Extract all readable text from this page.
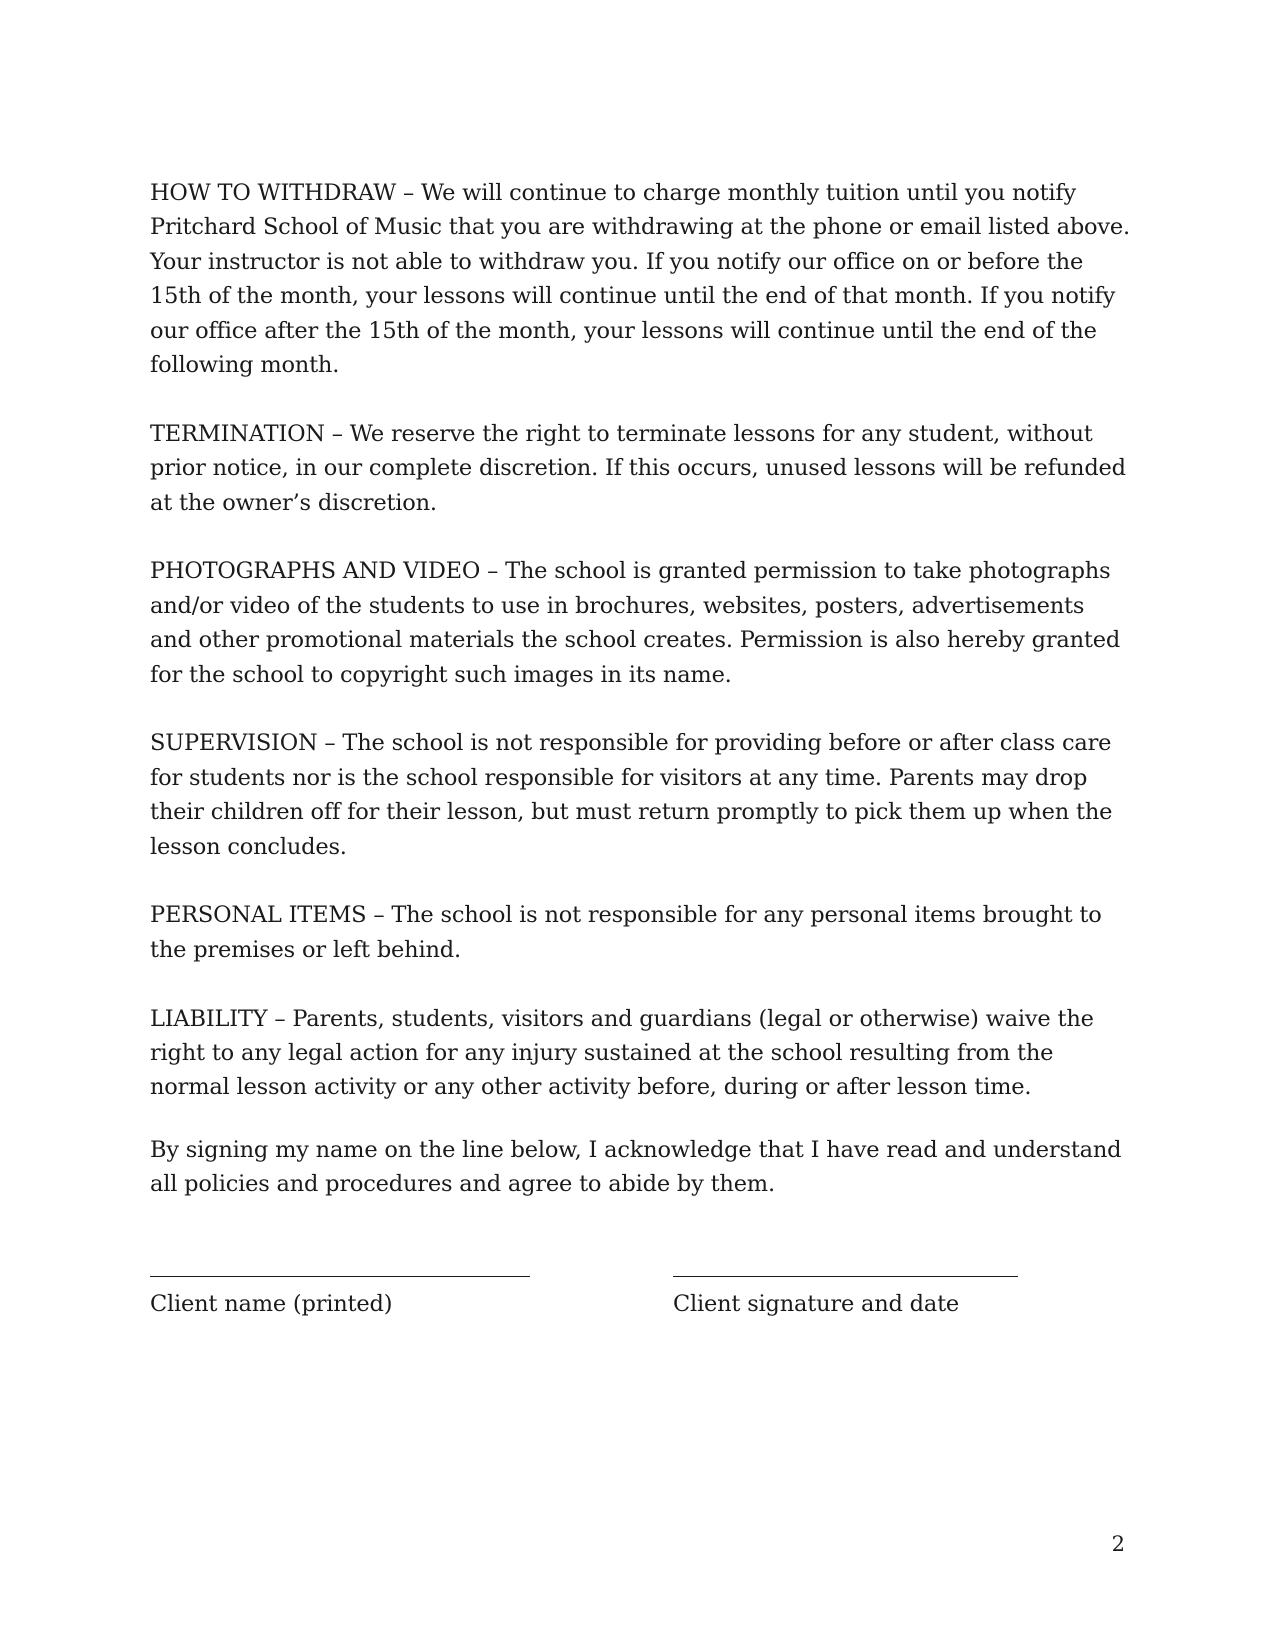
HOW TO WITHDRAW – We will continue to charge monthly tuition until you notify Pritchard School of Music that you are withdrawing at the phone or email listed above. Your instructor is not able to withdraw you. If you notify our office on or before the 15th of the month, your lessons will continue until the end of that month. If you notify our office after the 15th of the month, your lessons will continue until the end of the following month.

TERMINATION – We reserve the right to terminate lessons for any student, without prior notice, in our complete discretion. If this occurs, unused lessons will be refunded at the owner’s discretion.

PHOTOGRAPHS AND VIDEO – The school is granted permission to take photographs and/or video of the students to use in brochures, websites, posters, advertisements and other promotional materials the school creates. Permission is also hereby granted for the school to copyright such images in its name.

SUPERVISION – The school is not responsible for providing before or after class care for students nor is the school responsible for visitors at any time. Parents may drop their children off for their lesson, but must return promptly to pick them up when the lesson concludes.

PERSONAL ITEMS – The school is not responsible for any personal items brought to the premises or left behind.

LIABILITY – Parents, students, visitors and guardians (legal or otherwise) waive the right to any legal action for any injury sustained at the school resulting from the normal lesson activity or any other activity before, during or after lesson time.

By signing my name on the line below, I acknowledge that I have read and understand all policies and procedures and agree to abide by them.

Client name (printed)	Client signature and date
2
